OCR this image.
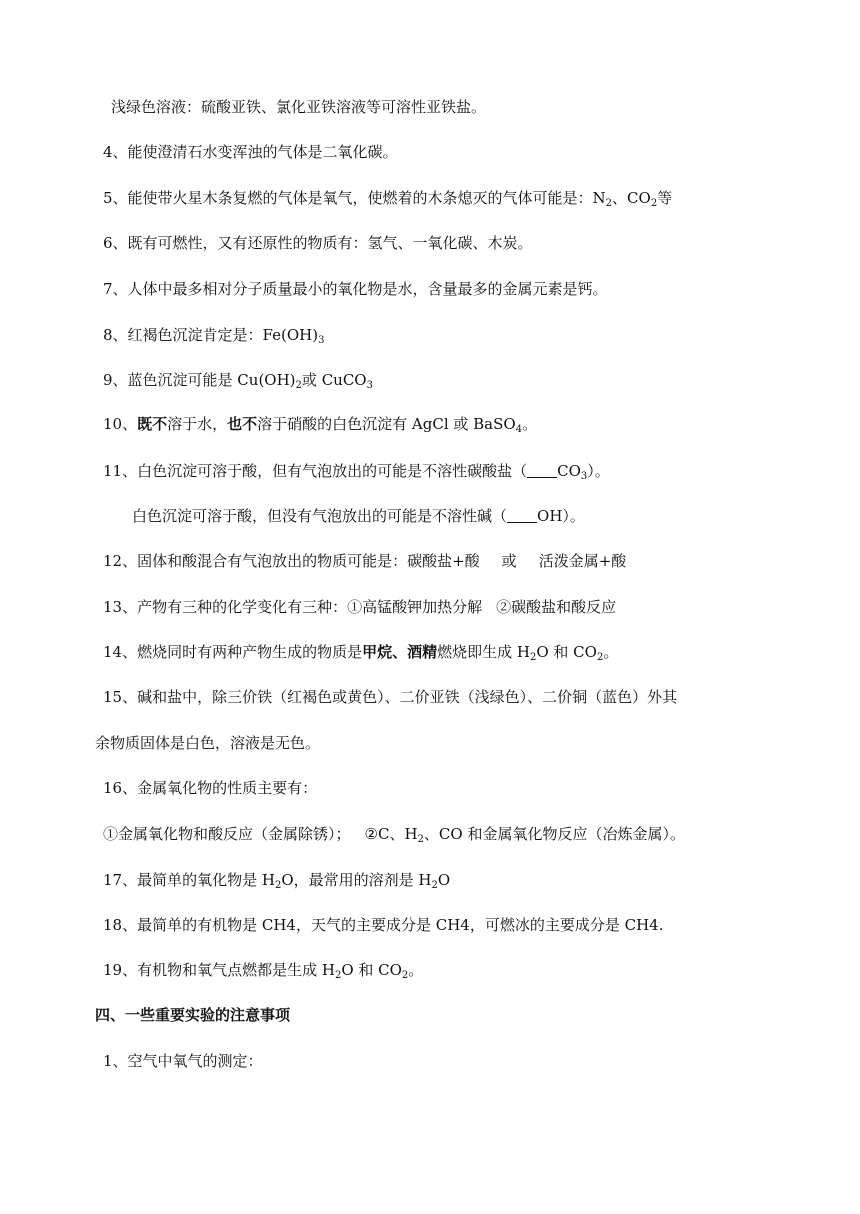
浅绿色溶液：硫酸亚铁、氯化亚铁溶液等可溶性亚铁盐。
4、能使澄清石水变浑浊的气体是二氧化碳。
5、能使带火星木条复燃的气体是氧气，使燃着的木条熄灭的气体可能是：$N_2$、$CO_2$等
6、既有可燃性，又有还原性的物质有：氢气、一氧化碳、木炭。
7、人体中最多相对分子质量最小的氧化物是水，含量最多的金属元素是钙。
8、红褐色沉淀肯定是：$Fe(OH)_3$
9、蓝色沉淀可能是 $Cu(OH)_2$或 CuCO$_3$
10、既不溶于水，也不溶于硝酸的白色沉淀有 AgCl 或 BaSO$_4$。
11、白色沉淀可溶于酸，但有气泡放出的可能是不溶性碳酸盐（ $CO_3$）。
白色沉淀可溶于酸，但没有气泡放出的可能是不溶性碱（ OH）。
12、固体和酸混合有气泡放出的物质可能是：碳酸盐+酸 或 活泼金属+酸
13、产物有三种的化学变化有三种：①高锰酸钾加热分解 ②碳酸盐和酸反应
14、燃烧同时有两种产物生成的物质是甲烷、酒精燃烧即生成 $H_2O$ 和 $CO_2$。
15、碱和盐中，除三价铁（红褐色或黄色）、二价亚铁（浅绿色）、二价铜（蓝色）外其
余物质固体是白色，溶液是无色。
16、金属氧化物的性质主要有：
①金属氧化物和酸反应（金属除锈）； ②C、$H_2$、CO 和金属氧化物反应（冶炼金属）。
17、最简单的氧化物是 $H_2O$，最常用的溶剂是 $H_2O$
18、最简单的有机物是 CH4，天气的主要成分是 CH4，可燃冰的主要成分是 CH4.
19、有机物和氧气点燃都是生成 $H_2O$ 和 $CO_2$。
四、一些重要实验的注意事项
1、空气中氧气的测定：
